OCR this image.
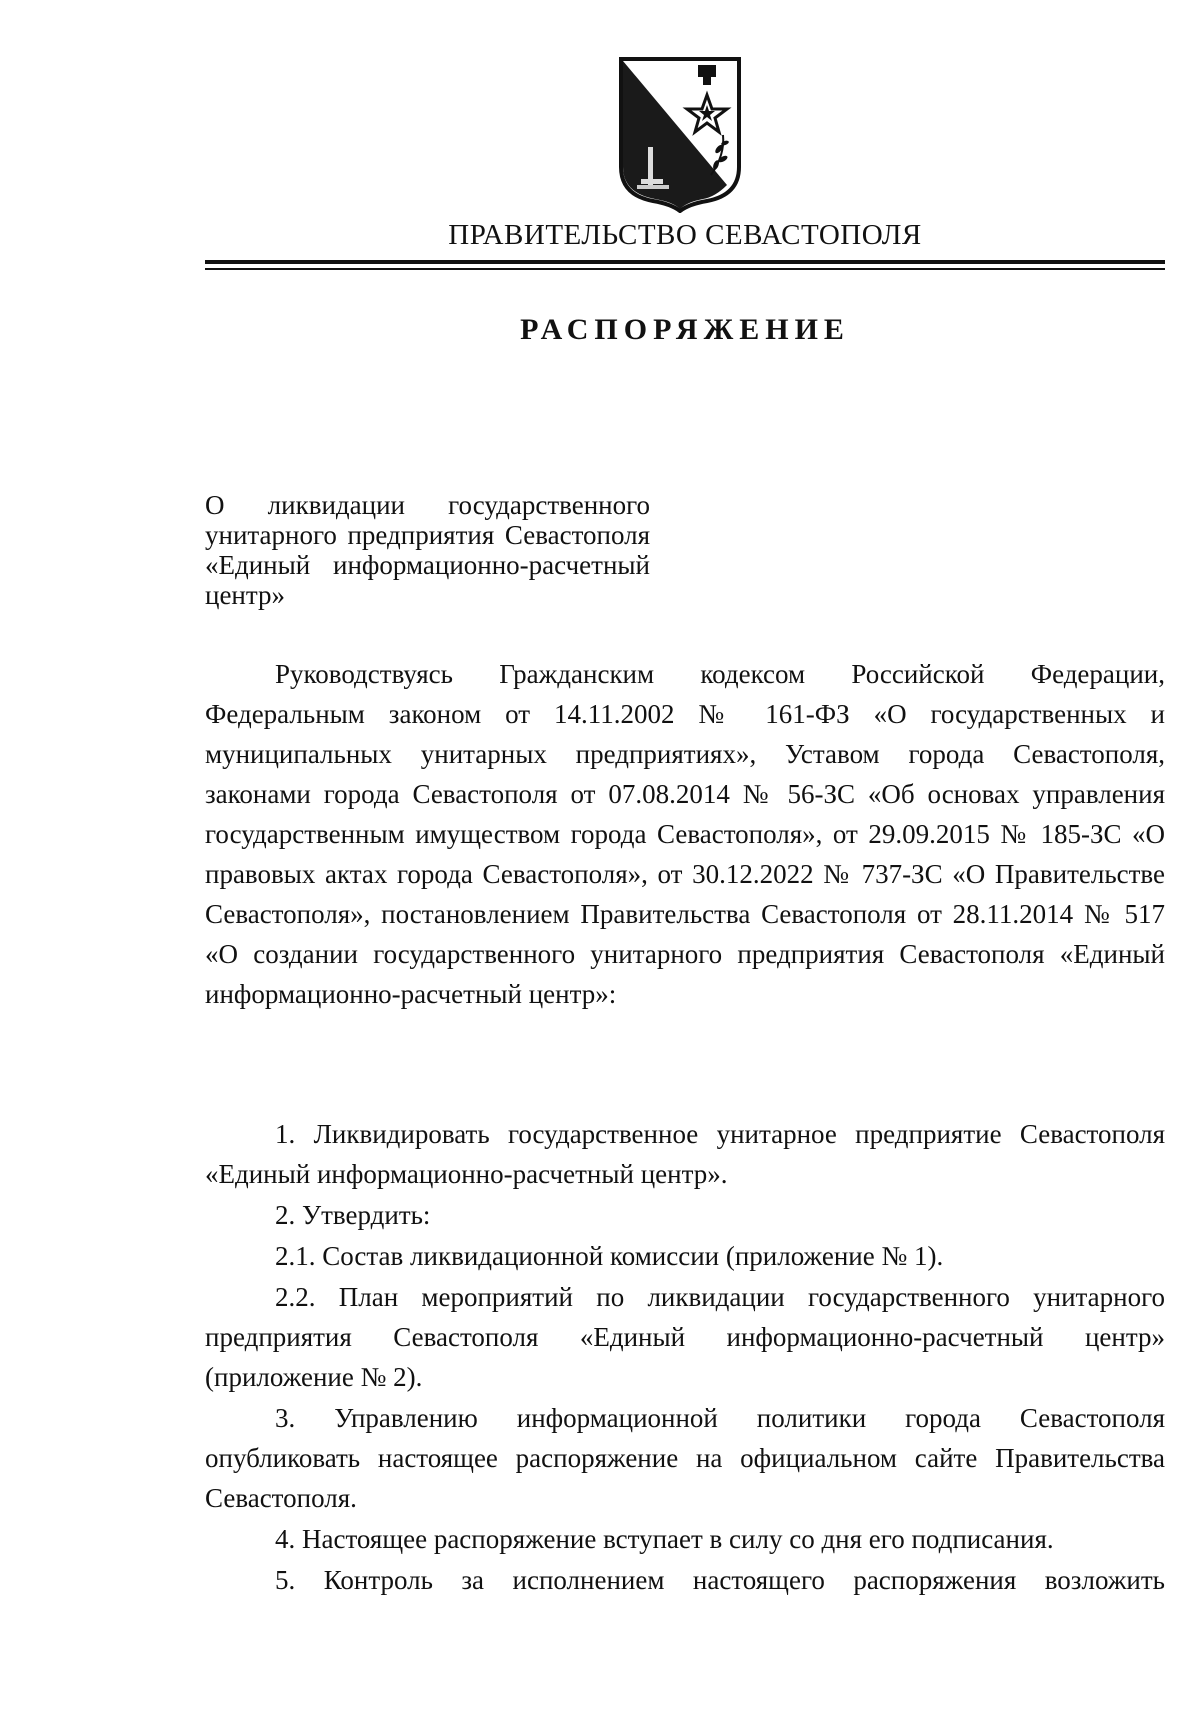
ПРАВИТЕЛЬСТВО СЕВАСТОПОЛЯ
РАСПОРЯЖЕНИЕ
О ликвидации государственного
унитарного предприятия Севастополя
«Единый информационно-расчетный
центр»

Руководствуясь Гражданским кодексом Российской Федерации, Федеральным законом от 14.11.2002 № 161-ФЗ «О государственных и муниципальных унитарных предприятиях», Уставом города Севастополя, законами города Севастополя от 07.08.2014 № 56-ЗС «Об основах управления государственным имуществом города Севастополя», от 29.09.2015 № 185-ЗС «О правовых актах города Севастополя», от 30.12.2022 № 737-ЗС «О Правительстве Севастополя», постановлением Правительства Севастополя от 28.11.2014 № 517 «О создании государственного унитарного предприятия Севастополя «Единый информационно-расчетный центр»:

1. Ликвидировать государственное унитарное предприятие Севастополя «Единый информационно-расчетный центр».

2. Утвердить:

2.1. Состав ликвидационной комиссии (приложение № 1).

2.2. План мероприятий по ликвидации государственного унитарного предприятия Севастополя «Единый информационно-расчетный центр» (приложение № 2).

3. Управлению информационной политики города Севастополя опубликовать настоящее распоряжение на официальном сайте Правительства Севастополя.

4. Настоящее распоряжение вступает в силу со дня его подписания.

5. Контроль за исполнением настоящего распоряжения возложить
